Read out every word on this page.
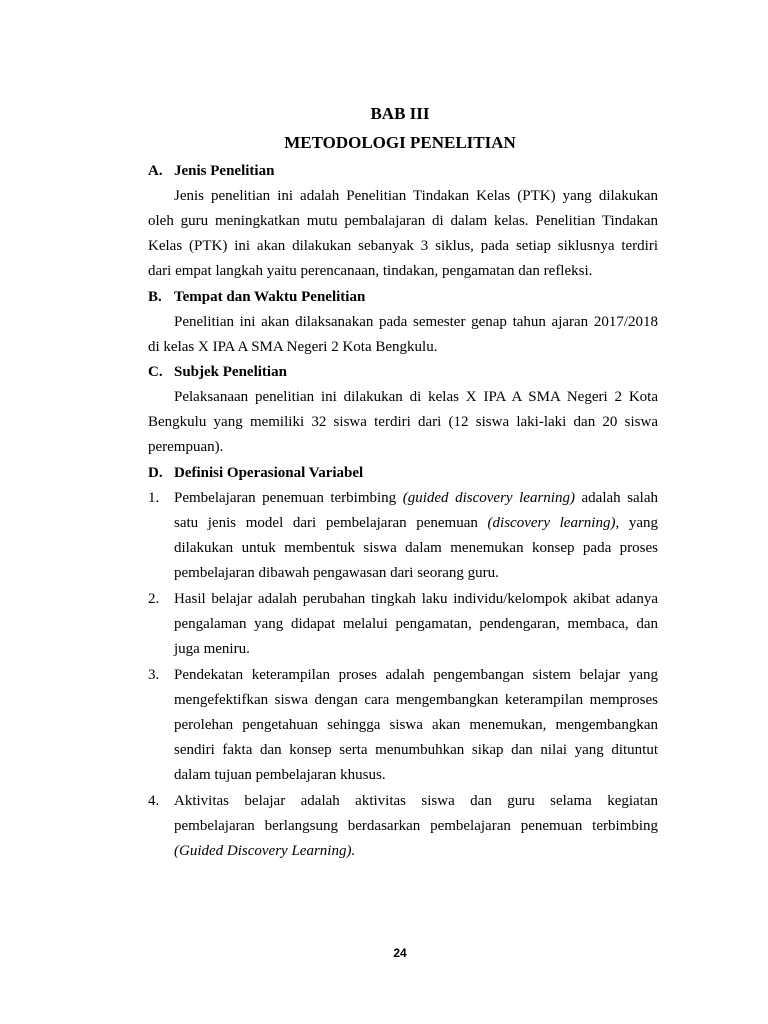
BAB III
METODOLOGI PENELITIAN
A. Jenis Penelitian
Jenis penelitian ini adalah Penelitian Tindakan Kelas (PTK) yang dilakukan
oleh guru meningkatkan mutu pembalajaran di dalam kelas. Penelitian Tindakan
Kelas (PTK) ini akan dilakukan sebanyak 3 siklus, pada setiap siklusnya terdiri
dari empat langkah yaitu perencanaan, tindakan, pengamatan dan refleksi.
B. Tempat dan Waktu Penelitian
Penelitian ini akan dilaksanakan pada semester genap tahun ajaran 2017/2018
di kelas X IPA A SMA Negeri 2 Kota Bengkulu.
C. Subjek Penelitian
Pelaksanaan penelitian ini dilakukan di kelas X IPA A SMA Negeri 2 Kota
Bengkulu yang memiliki 32 siswa terdiri dari (12 siswa laki-laki dan 20 siswa
perempuan).
D. Definisi Operasional Variabel
1. Pembelajaran penemuan terbimbing (guided discovery learning) adalah salah
satu jenis model dari pembelajaran penemuan (discovery learning), yang
dilakukan untuk membentuk siswa dalam menemukan konsep pada proses
pembelajaran dibawah pengawasan dari seorang guru.
2. Hasil belajar adalah perubahan tingkah laku individu/kelompok akibat adanya
pengalaman yang didapat melalui pengamatan, pendengaran, membaca, dan
juga meniru.
3. Pendekatan keterampilan proses adalah pengembangan sistem belajar yang
mengefektifkan siswa dengan cara mengembangkan keterampilan memproses
perolehan pengetahuan sehingga siswa akan menemukan, mengembangkan
sendiri fakta dan konsep serta menumbuhkan sikap dan nilai yang dituntut
dalam tujuan pembelajaran khusus.
4. Aktivitas belajar adalah aktivitas siswa dan guru selama kegiatan
pembelajaran berlangsung berdasarkan pembelajaran penemuan terbimbing
(Guided Discovery Learning).
24
